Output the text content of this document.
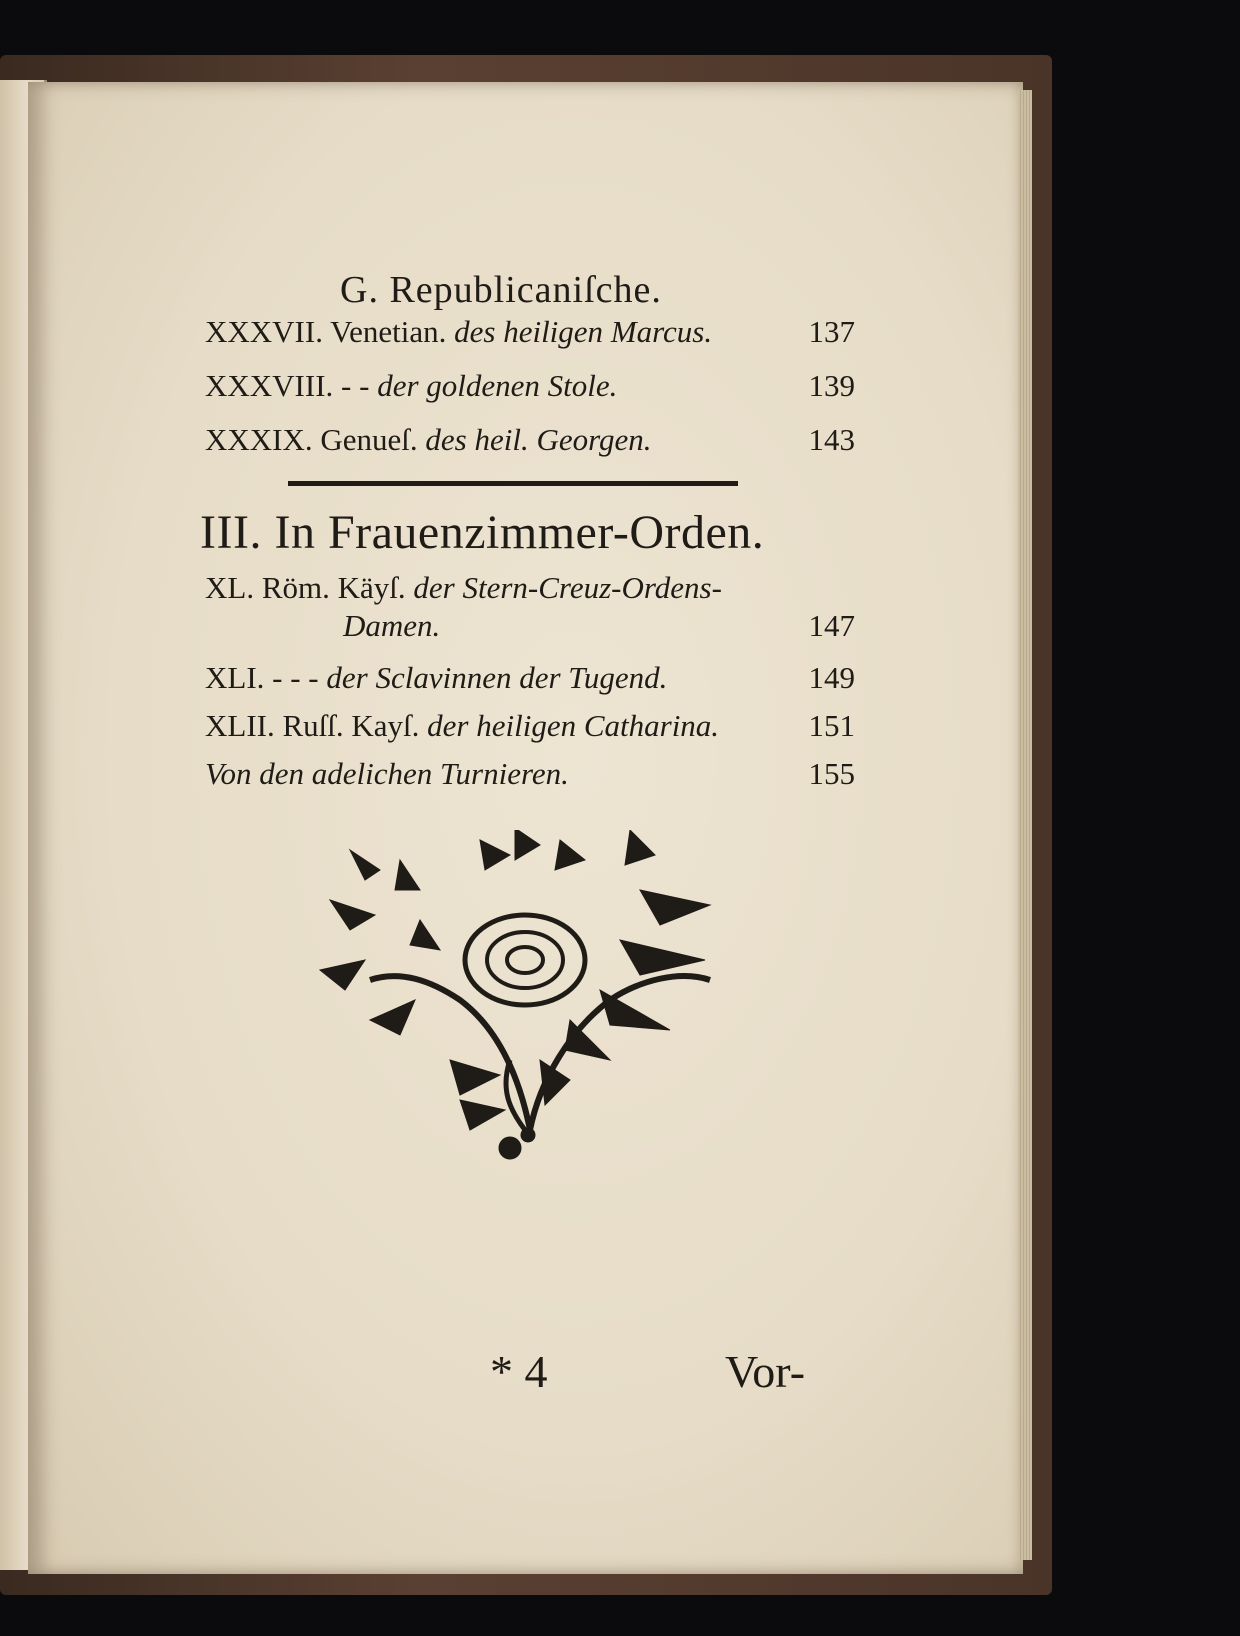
G. Republicaniſche.
XXXVII. Venetian. des heiligen Marcus.	137
XXXVIII. - - der goldenen Stole.	139
XXXIX. Genueſ. des heil. Georgen.	143
III. In Frauenzimmer-Orden.
XL. Röm. Käyſ. der Stern-Creuz-Ordens-
Damen.	147
XLI. - - - der Sclavinnen der Tugend.	149
XLII. Ruſſ. Kayſ. der heiligen Catharina.	151
Von den adelichen Turnieren.	155
* 4	Vor-
